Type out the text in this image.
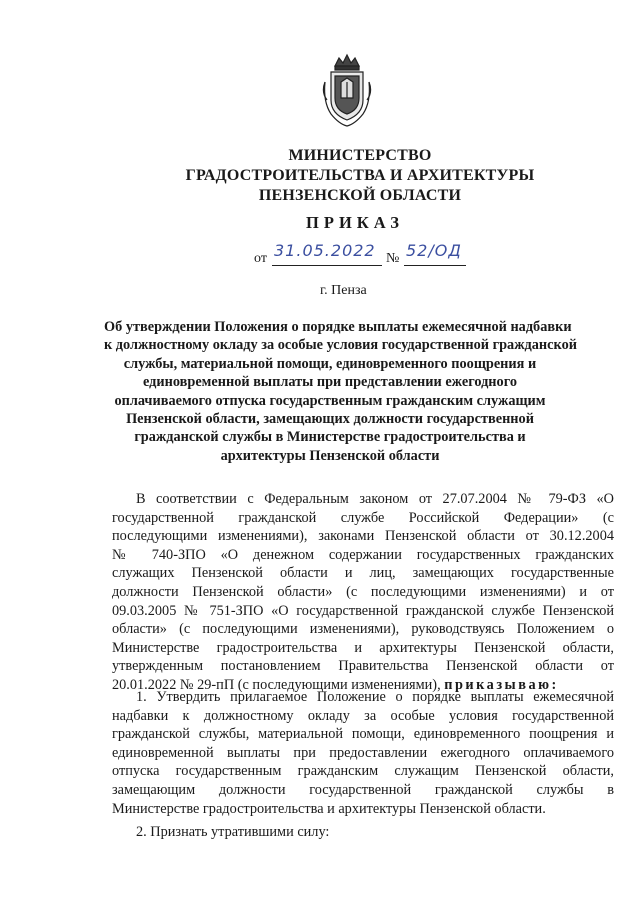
МИНИСТЕРСТВО
ГРАДОСТРОИТЕЛЬСТВА И АРХИТЕКТУРЫ
ПЕНЗЕНСКОЙ ОБЛАСТИ
ПРИКАЗ
от 31.05.2022 № 52/ОД
г. Пенза
Об утверждении Положения о порядке выплаты ежемесячной надбавки
к должностному окладу за особые условия государственной гражданской
службы, материальной помощи, единовременного поощрения и
единовременной выплаты при представлении ежегодного
оплачиваемого отпуска государственным гражданским служащим
Пензенской области, замещающих должности государственной
гражданской службы в Министерстве градостроительства и
архитектуры Пензенской области
В соответствии с Федеральным законом от 27.07.2004 № 79-ФЗ «О
государственной гражданской службе Российской Федерации» (с
последующими изменениями), законами Пензенской области от 30.12.2004
№ 740-ЗПО «О денежном содержании государственных гражданских
служащих Пензенской области и лиц, замещающих государственные
должности Пензенской области» (с последующими изменениями) и от
09.03.2005 № 751-ЗПО «О государственной гражданской службе Пензенской
области» (с последующими изменениями), руководствуясь Положением о
Министерстве градостроительства и архитектуры Пензенской области,
утвержденным постановлением Правительства Пензенской области от
20.01.2022 № 29-пП (с последующими изменениями), приказываю:
1. Утвердить прилагаемое Положение о порядке выплаты ежемесячной
надбавки к должностному окладу за особые условия государственной
гражданской службы, материальной помощи, единовременного поощрения и
единовременной выплаты при предоставлении ежегодного оплачиваемого
отпуска государственным гражданским служащим Пензенской области,
замещающим должности государственной гражданской службы в
Министерстве градостроительства и архитектуры Пензенской области.
2. Признать утратившими силу:
